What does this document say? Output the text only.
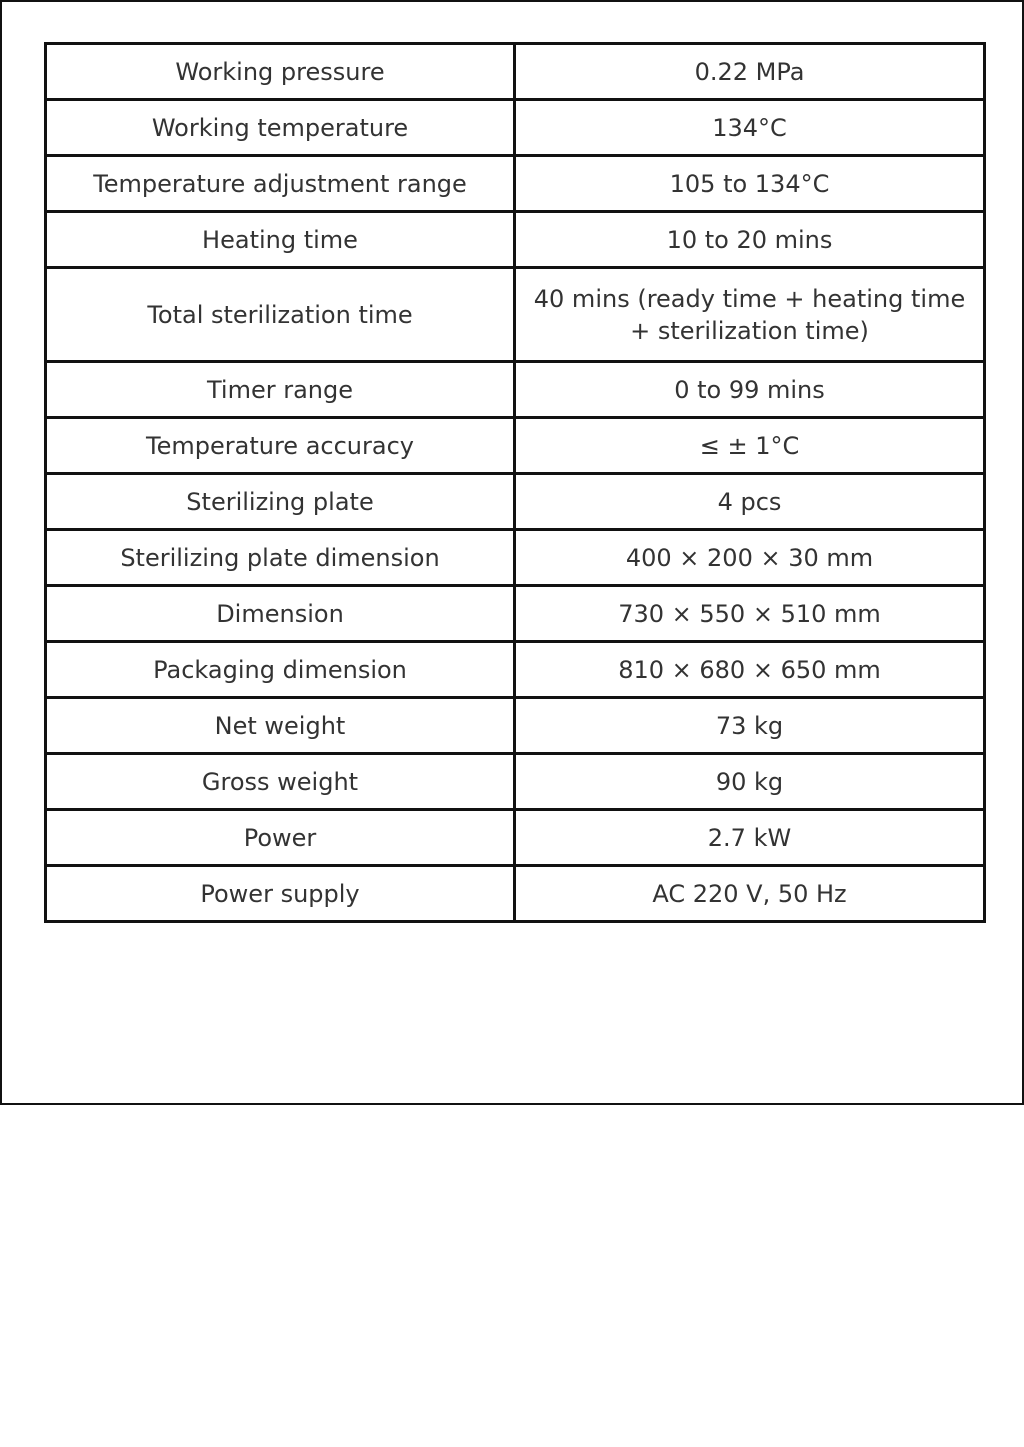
Working pressure	0.22 MPa
Working temperature	134°C
Temperature adjustment range	105 to 134°C
Heating time	10 to 20 mins
Total sterilization time	40 mins (ready time + heating time + sterilization time)
Timer range	0 to 99 mins
Temperature accuracy	≤ ± 1°C
Sterilizing plate	4 pcs
Sterilizing plate dimension	400 × 200 × 30 mm
Dimension	730 × 550 × 510 mm
Packaging dimension	810 × 680 × 650 mm
Net weight	73 kg
Gross weight	90 kg
Power	2.7 kW
Power supply	AC 220 V, 50 Hz
